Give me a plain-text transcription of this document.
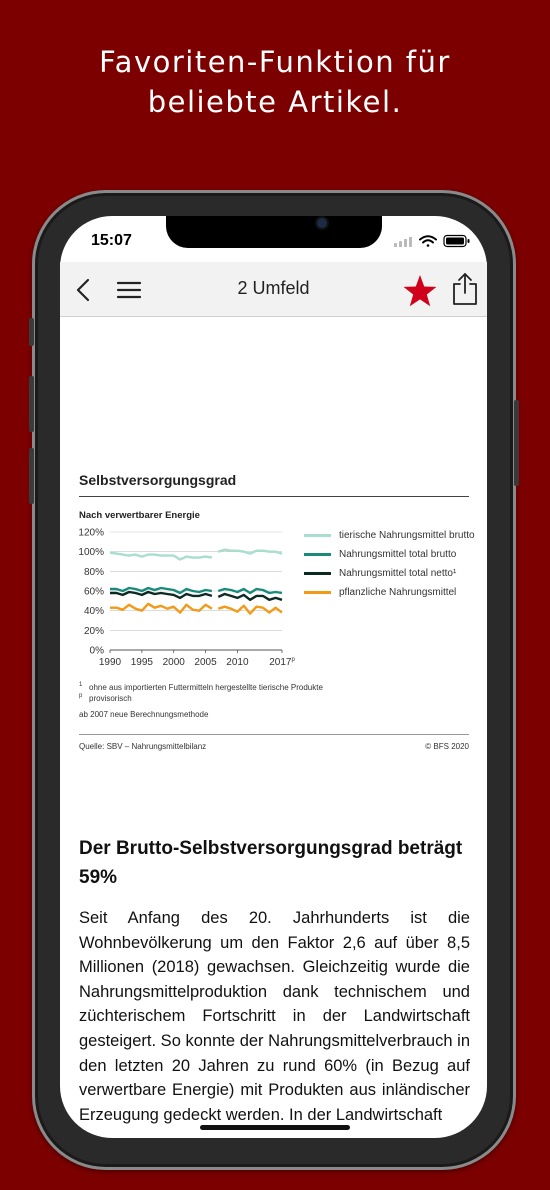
Favoriten-Funktion für
beliebte Artikel.
15:07
2 Umfeld
Selbstversorgungsgrad
Nach verwertbarer Energie
0%
20%
40%
60%
80%
100%
120%
1990 1995 2000 2005 2010 2017$^p$
tierische Nahrungsmittel brutto
Nahrungsmittel total brutto
Nahrungsmittel total netto¹
pflanzliche Nahrungsmittel
$^1$ ohne aus importierten Futtermitteln hergestellte tierische Produkte
$^p$ provisorisch
ab 2007 neue Berechnungsmethode
Quelle: SBV – Nahrungsmittelbilanz	© BFS 2020
Der Brutto-Selbstversorgungsgrad beträgt 59%
Seit Anfang des 20. Jahrhunderts ist die Wohnbevölkerung um den Faktor 2,6 auf über 8,5 Millionen (2018) gewachsen. Gleichzeitig wurde die Nahrungsmittelproduktion dank technischem und züchterischem Fortschritt in der Landwirtschaft gesteigert. So konnte der Nahrungsmittelverbrauch in den letzten 20 Jahren zu rund 60% (in Bezug auf verwertbare Energie) mit Produkten aus inländischer Erzeugung gedeckt werden. In der Landwirtschaft
